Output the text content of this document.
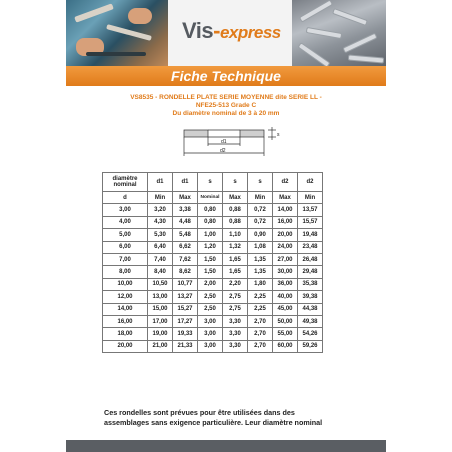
Vis-express
Fiche Technique
VS8535 - RONDELLE PLATE SERIE MOYENNE dite SERIE LL -
NFE25-513 Grade C
Du diamètre nominal de 3 à 20 mm
s
d1
d2
diamètre nominal	d1	d1	s	s	s	d2	d2
d	Min	Max	Nominal	Max	Min	Max	Min
3,00	3,20	3,38	0,80	0,88	0,72	14,00	13,57
4,00	4,30	4,48	0,80	0,88	0,72	16,00	15,57
5,00	5,30	5,48	1,00	1,10	0,90	20,00	19,48
6,00	6,40	6,62	1,20	1,32	1,08	24,00	23,48
7,00	7,40	7,62	1,50	1,65	1,35	27,00	26,48
8,00	8,40	8,62	1,50	1,65	1,35	30,00	29,48
10,00	10,50	10,77	2,00	2,20	1,80	36,00	35,38
12,00	13,00	13,27	2,50	2,75	2,25	40,00	39,38
14,00	15,00	15,27	2,50	2,75	2,25	45,00	44,38
16,00	17,00	17,27	3,00	3,30	2,70	50,00	49,38
18,00	19,00	19,33	3,00	3,30	2,70	55,00	54,26
20,00	21,00	21,33	3,00	3,30	2,70	60,00	59,26
Ces rondelles sont prévues pour être utilisées dans des
assemblages sans exigence particulière. Leur diamètre nominal
